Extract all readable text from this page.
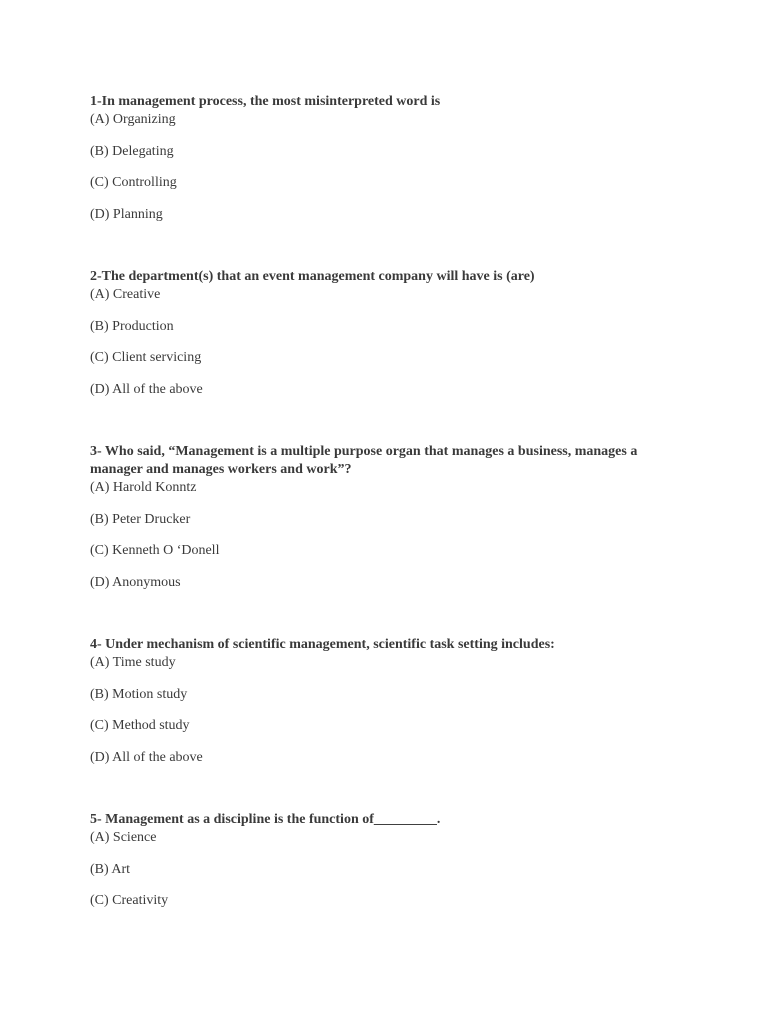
1-In management process, the most misinterpreted word is

(A) Organizing
(B) Delegating
(C) Controlling
(D) Planning

2-The department(s) that an event management company will have is (are)

(A) Creative
(B) Production
(C) Client servicing
(D) All of the above

3- Who said, “Management is a multiple purpose organ that manages a business, manages a manager and manages workers and work”?

(A) Harold Konntz
(B) Peter Drucker
(C) Kenneth O ‘Donell
(D) Anonymous

4- Under mechanism of scientific management, scientific task setting includes:

(A) Time study
(B) Motion study
(C) Method study
(D) All of the above

5- Management as a discipline is the function of_________.

(A) Science
(B) Art
(C) Creativity
